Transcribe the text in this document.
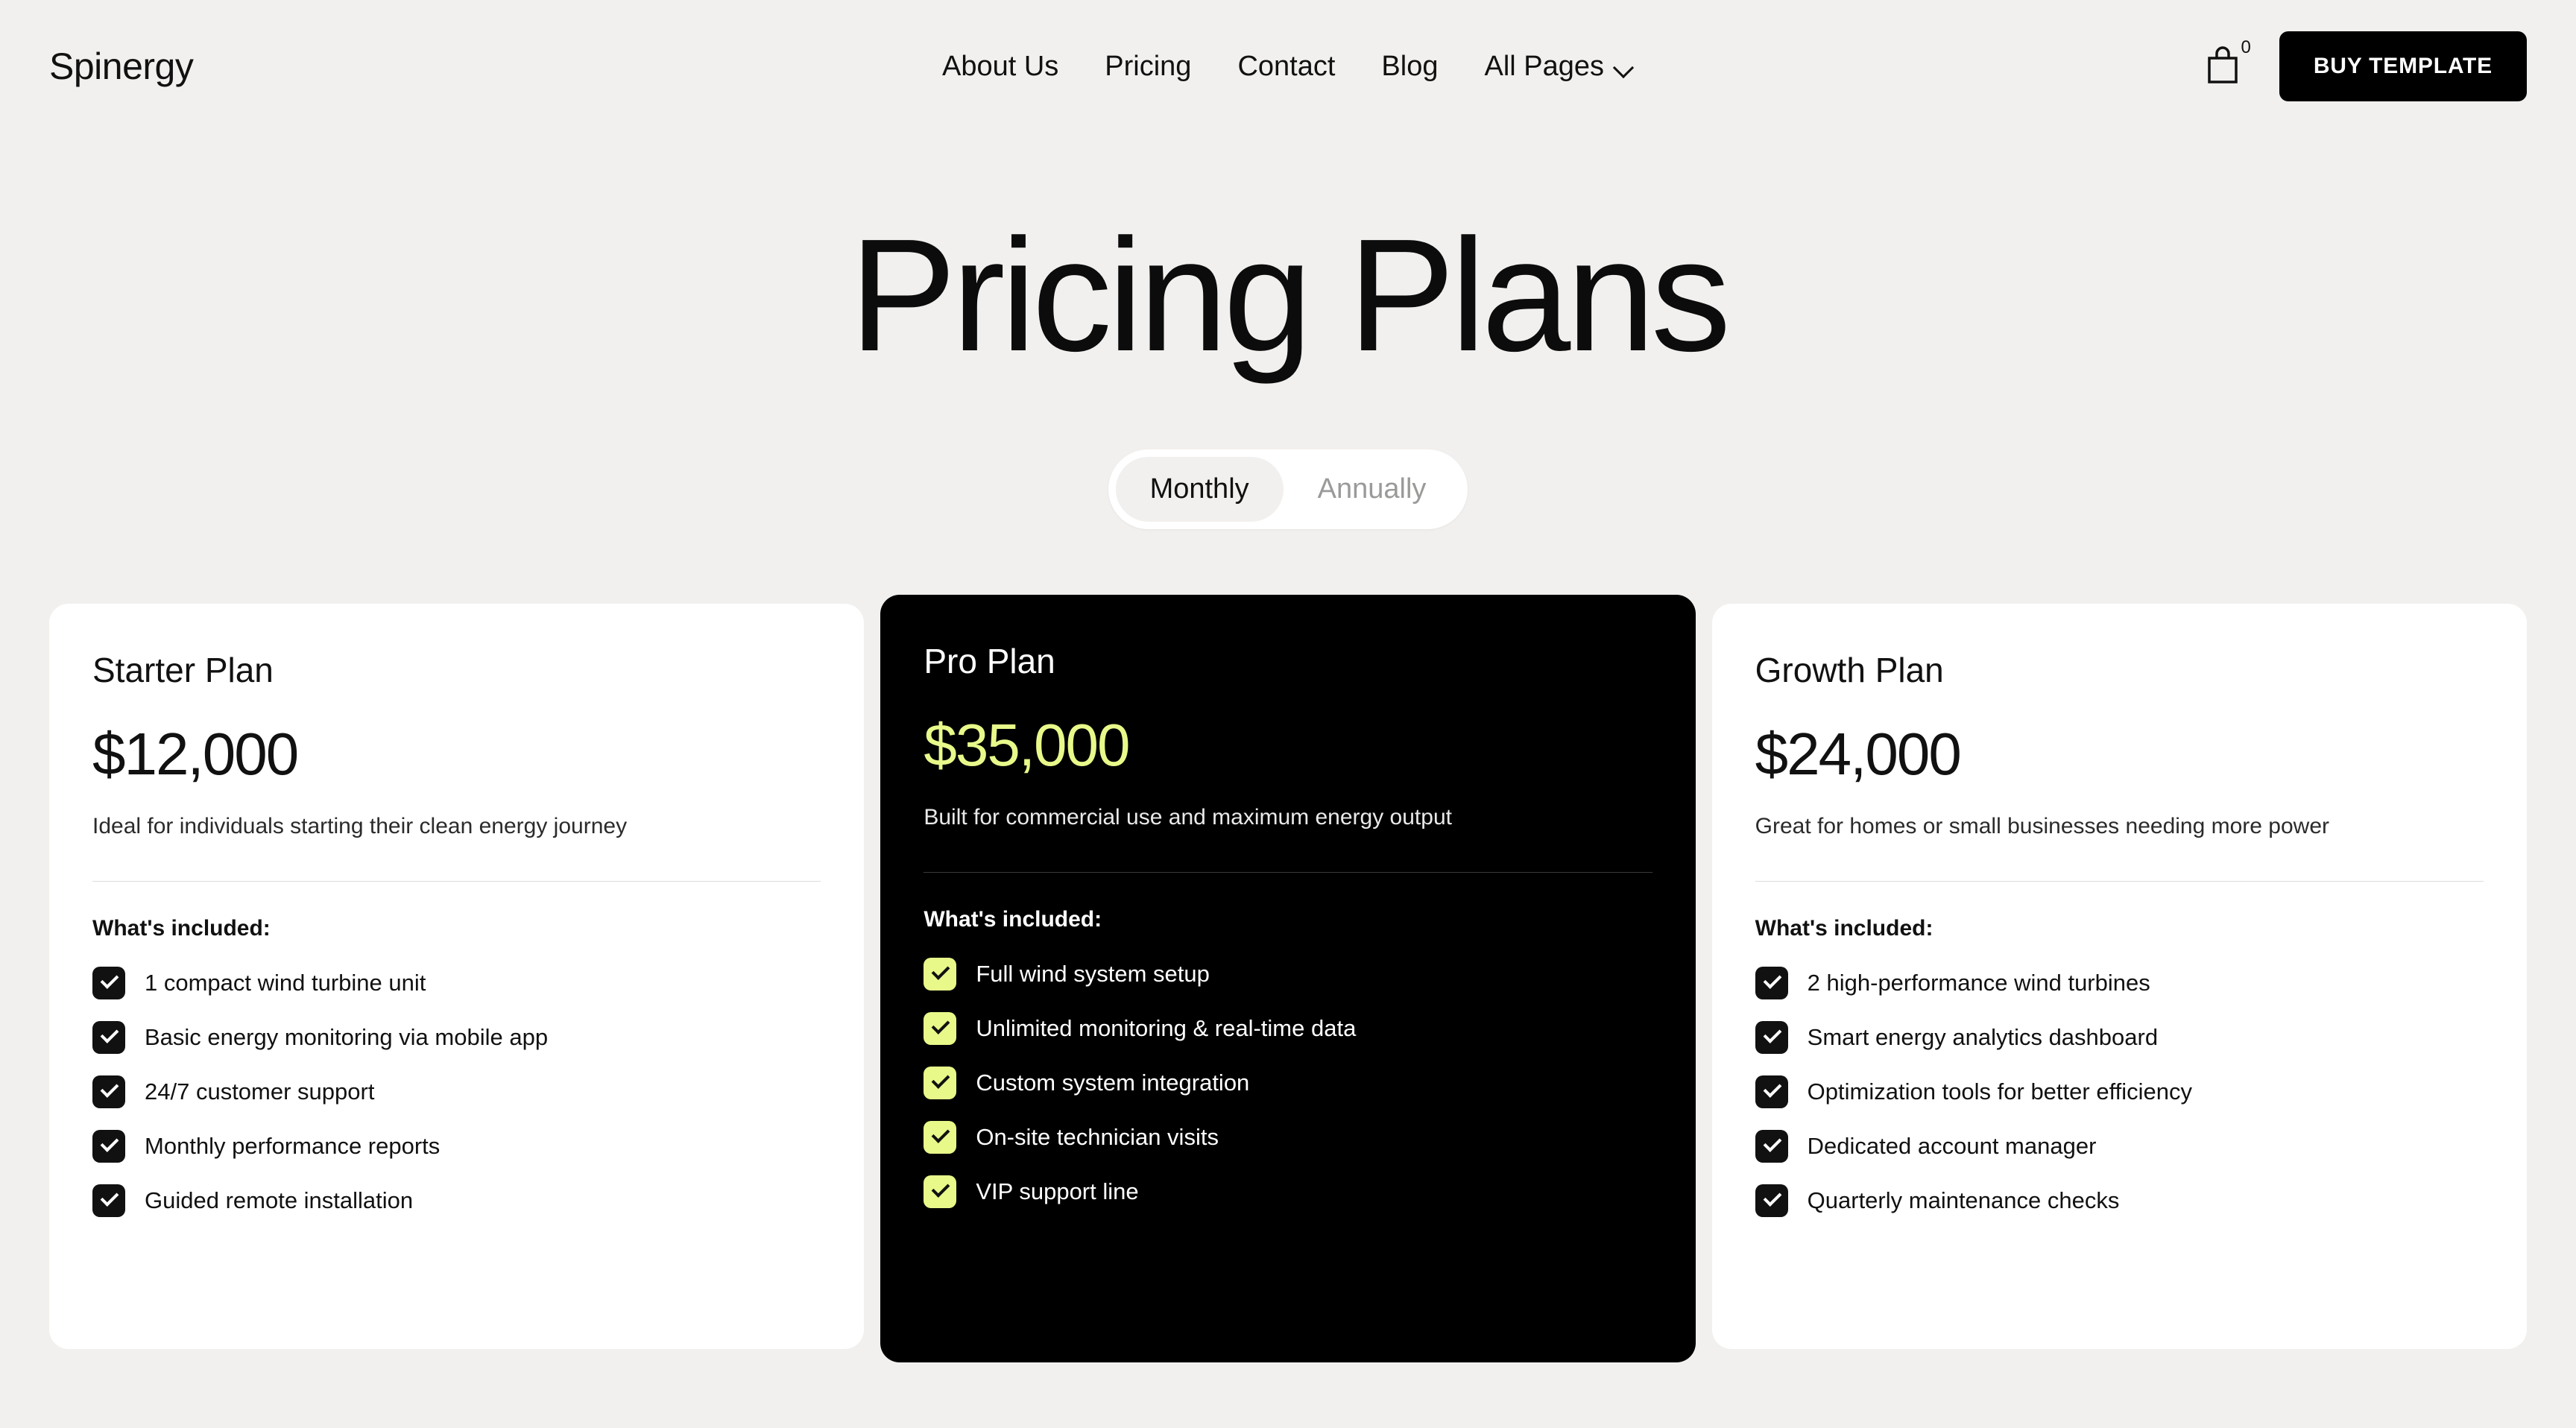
Spinergy	About Us Pricing Contact Blog All Pages
0
BUY TEMPLATE
Pricing Plans
Monthly	Annually
Starter Plan
$12,000
Ideal for individuals starting their clean energy journey
What's included:
1 compact wind turbine unit
Basic energy monitoring via mobile app
24/7 customer support
Monthly performance reports
Guided remote installation
Pro Plan
$35,000
Built for commercial use and maximum energy output
What's included:
Full wind system setup
Unlimited monitoring & real-time data
Custom system integration
On-site technician visits
VIP support line
Growth Plan
$24,000
Great for homes or small businesses needing more power
What's included:
2 high-performance wind turbines
Smart energy analytics dashboard
Optimization tools for better efficiency
Dedicated account manager
Quarterly maintenance checks
